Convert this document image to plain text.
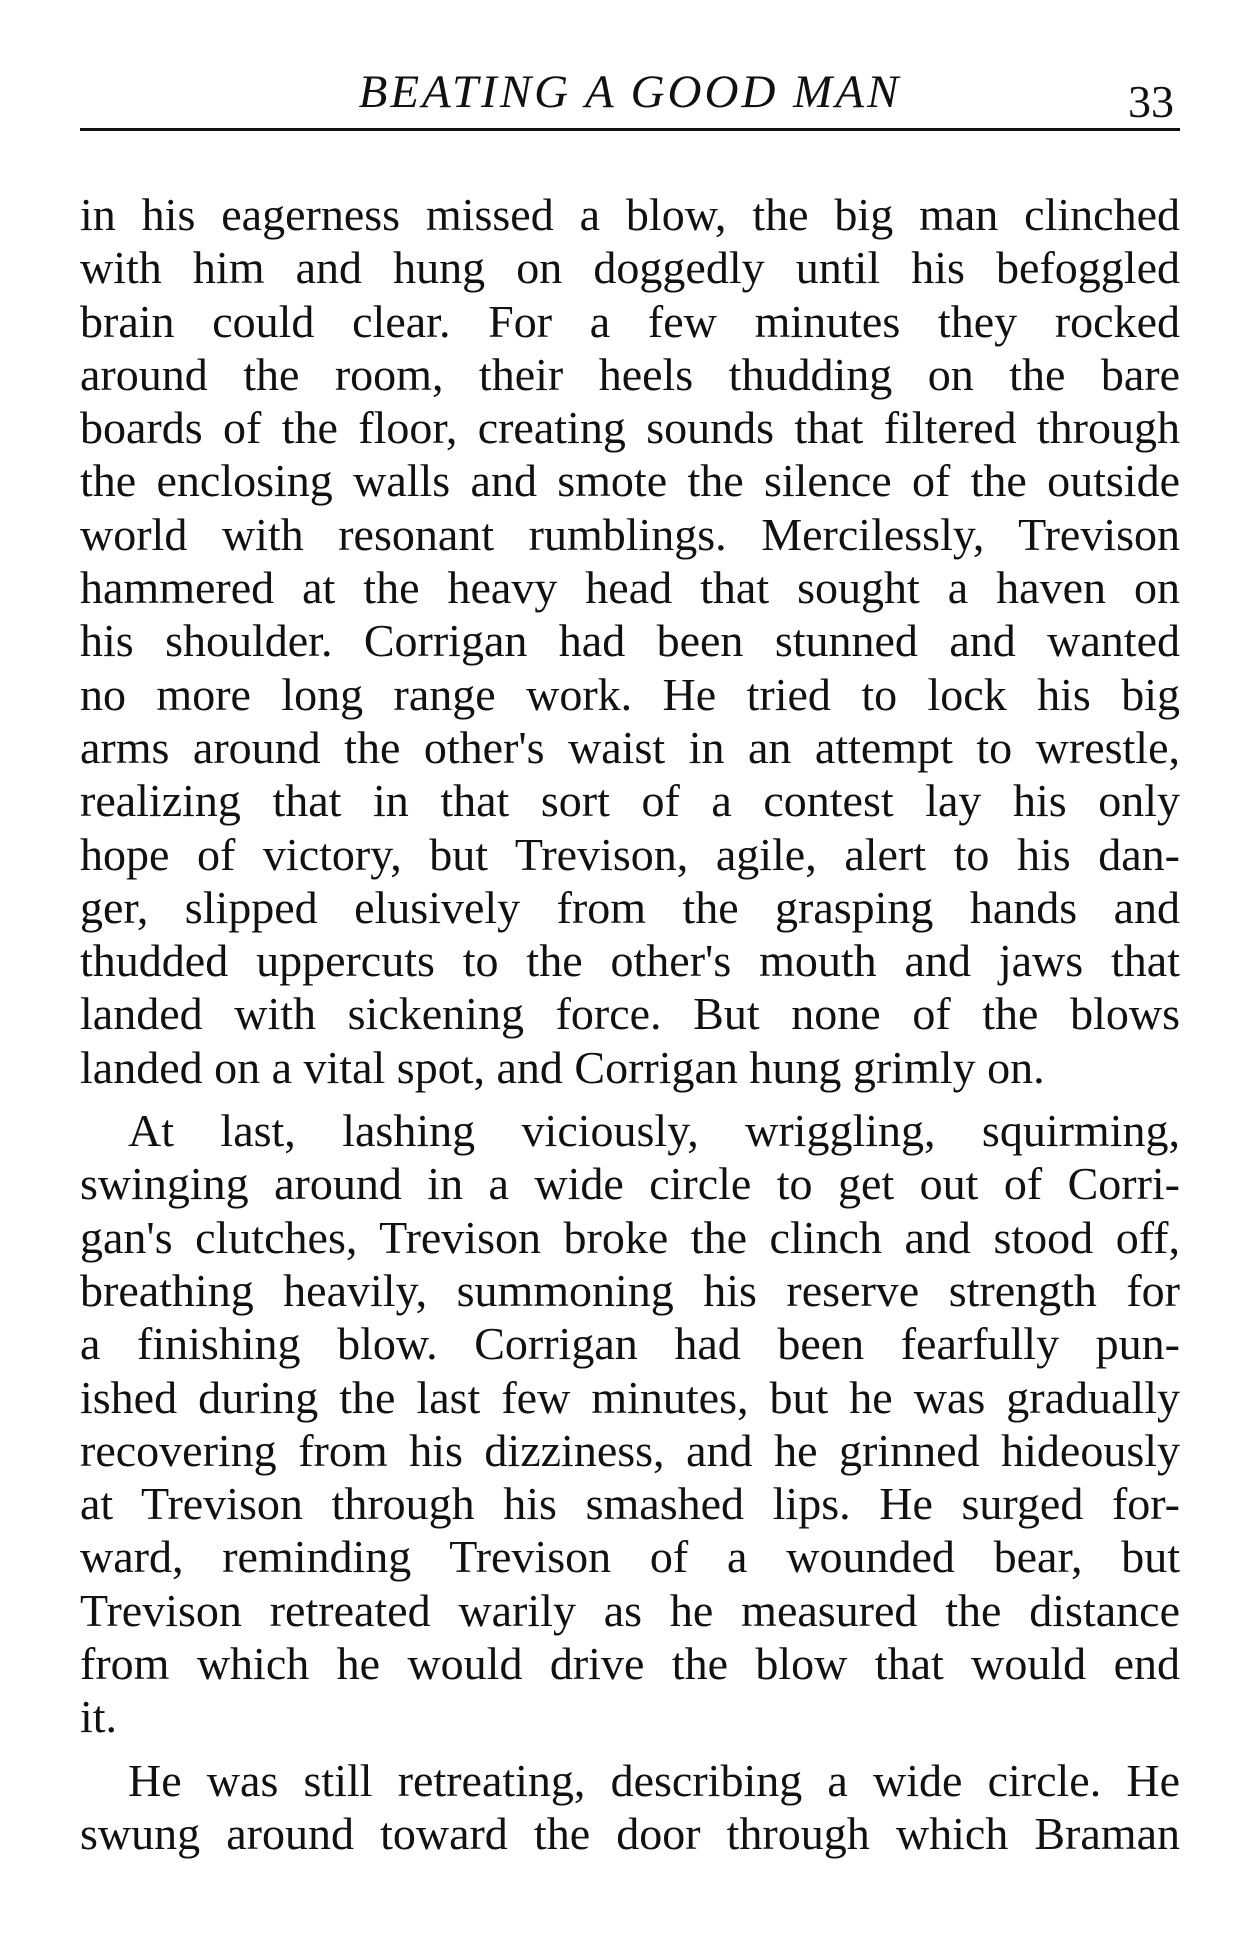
BEATING A GOOD MAN	33
in his eagerness missed a blow, the big man clinched
with him and hung on doggedly until his befoggled
brain could clear. For a few minutes they rocked
around the room, their heels thudding on the bare
boards of the floor, creating sounds that filtered through
the enclosing walls and smote the silence of the outside
world with resonant rumblings. Mercilessly, Trevison
hammered at the heavy head that sought a haven on
his shoulder. Corrigan had been stunned and wanted
no more long range work. He tried to lock his big
arms around the other's waist in an attempt to wrestle,
realizing that in that sort of a contest lay his only
hope of victory, but Trevison, agile, alert to his dan-
ger, slipped elusively from the grasping hands and
thudded uppercuts to the other's mouth and jaws that
landed with sickening force. But none of the blows
landed on a vital spot, and Corrigan hung grimly on.
At last, lashing viciously, wriggling, squirming,
swinging around in a wide circle to get out of Corri-
gan's clutches, Trevison broke the clinch and stood off,
breathing heavily, summoning his reserve strength for
a finishing blow. Corrigan had been fearfully pun-
ished during the last few minutes, but he was gradually
recovering from his dizziness, and he grinned hideously
at Trevison through his smashed lips. He surged for-
ward, reminding Trevison of a wounded bear, but
Trevison retreated warily as he measured the distance
from which he would drive the blow that would end
it.
He was still retreating, describing a wide circle. He
swung around toward the door through which Braman
